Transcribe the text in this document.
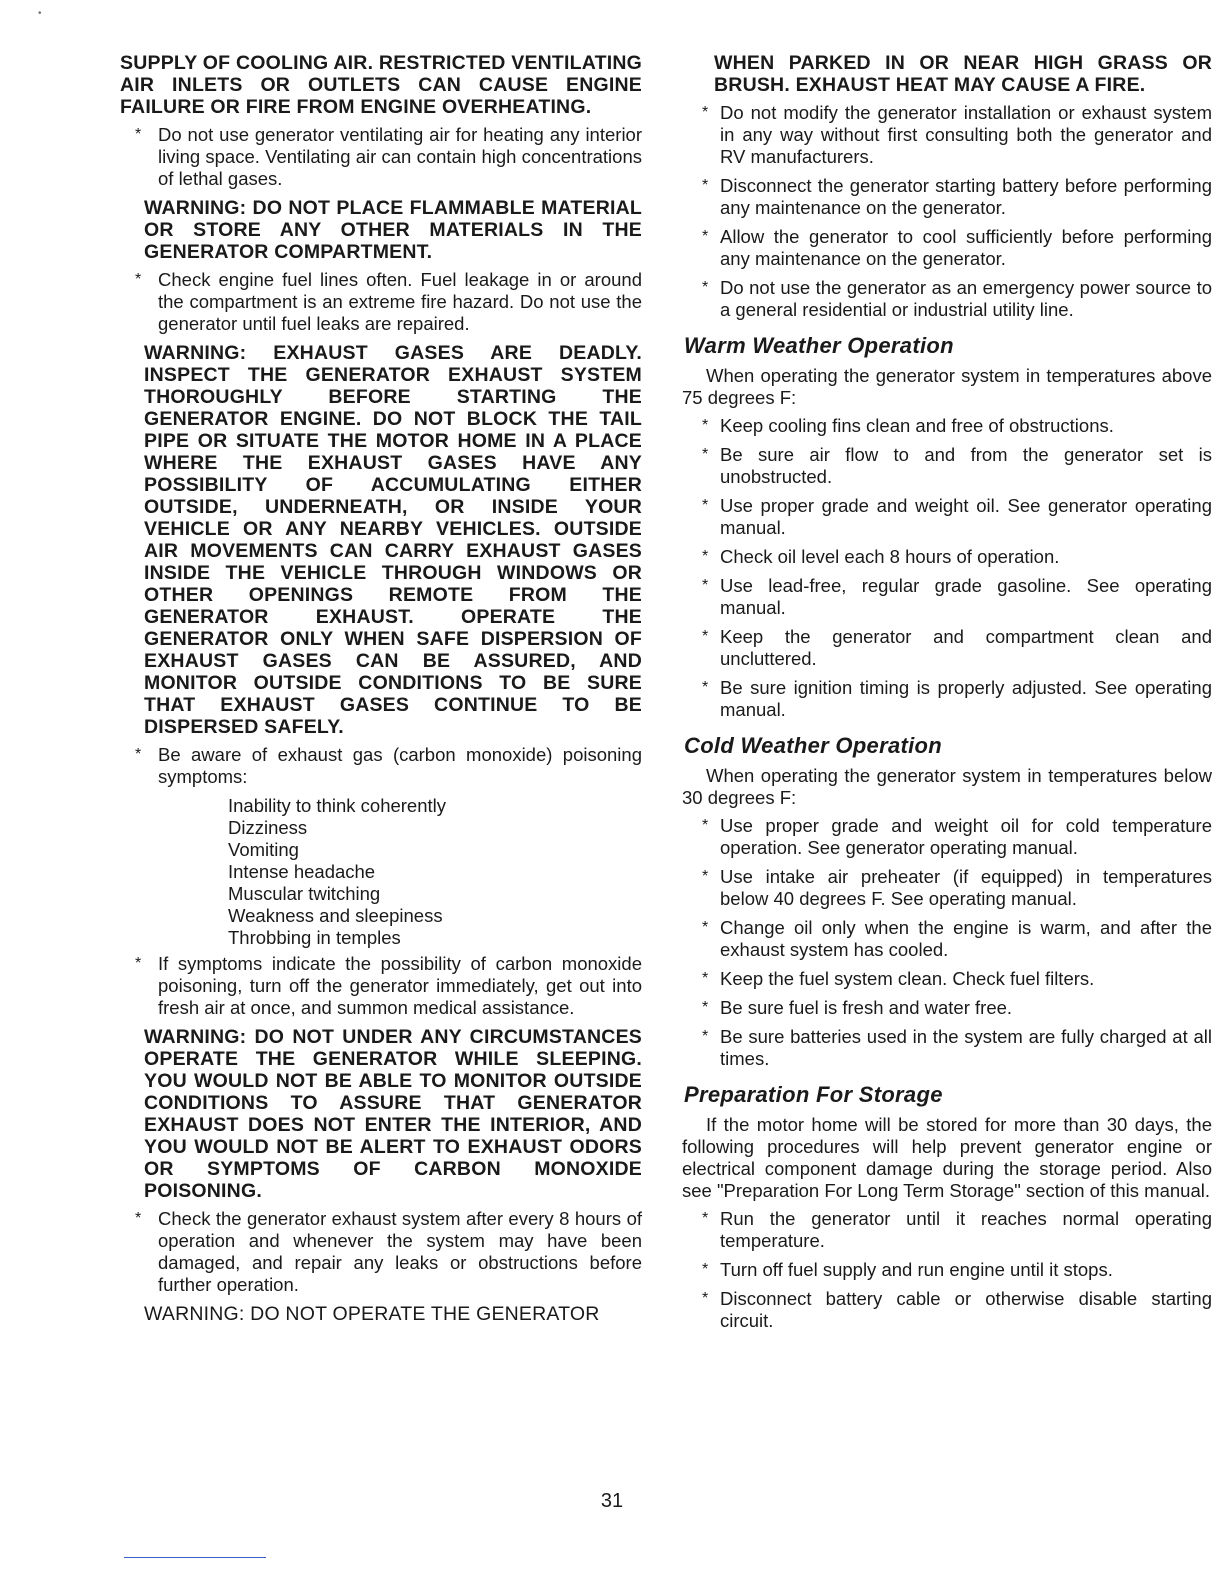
•

SUPPLY OF COOLING AIR. RESTRICTED VENTILATING AIR INLETS OR OUTLETS CAN CAUSE ENGINE FAILURE OR FIRE FROM ENGINE OVERHEATING.

* Do not use generator ventilating air for heating any interior living space. Ventilating air can contain high concentrations of lethal gases.

WARNING: DO NOT PLACE FLAMMABLE MATERIAL OR STORE ANY OTHER MATERIALS IN THE GENERATOR COMPARTMENT.

* Check engine fuel lines often. Fuel leakage in or around the compartment is an extreme fire hazard. Do not use the generator until fuel leaks are repaired.

WARNING: EXHAUST GASES ARE DEADLY. INSPECT THE GENERATOR EXHAUST SYSTEM THOROUGHLY BEFORE STARTING THE GENERATOR ENGINE. DO NOT BLOCK THE TAIL PIPE OR SITUATE THE MOTOR HOME IN A PLACE WHERE THE EXHAUST GASES HAVE ANY POSSIBILITY OF ACCUMULATING EITHER OUTSIDE, UNDERNEATH, OR INSIDE YOUR VEHICLE OR ANY NEARBY VEHICLES. OUTSIDE AIR MOVEMENTS CAN CARRY EXHAUST GASES INSIDE THE VEHICLE THROUGH WINDOWS OR OTHER OPENINGS REMOTE FROM THE GENERATOR EXHAUST. OPERATE THE GENERATOR ONLY WHEN SAFE DISPERSION OF EXHAUST GASES CAN BE ASSURED, AND MONITOR OUTSIDE CONDITIONS TO BE SURE THAT EXHAUST GASES CONTINUE TO BE DISPERSED SAFELY.

* Be aware of exhaust gas (carbon monoxide) poisoning symptoms:
Inability to think coherently
Dizziness
Vomiting
Intense headache
Muscular twitching
Weakness and sleepiness
Throbbing in temples
* If symptoms indicate the possibility of carbon monoxide poisoning, turn off the generator immediately, get out into fresh air at once, and summon medical assistance.

WARNING: DO NOT UNDER ANY CIRCUMSTANCES OPERATE THE GENERATOR WHILE SLEEPING. YOU WOULD NOT BE ABLE TO MONITOR OUTSIDE CONDITIONS TO ASSURE THAT GENERATOR EXHAUST DOES NOT ENTER THE INTERIOR, AND YOU WOULD NOT BE ALERT TO EXHAUST ODORS OR SYMPTOMS OF CARBON MONOXIDE POISONING.

* Check the generator exhaust system after every 8 hours of operation and whenever the system may have been damaged, and repair any leaks or obstructions before further operation.

WARNING: DO NOT OPERATE THE GENERATOR

WHEN PARKED IN OR NEAR HIGH GRASS OR BRUSH. EXHAUST HEAT MAY CAUSE A FIRE.

* Do not modify the generator installation or exhaust system in any way without first consulting both the generator and RV manufacturers.
* Disconnect the generator starting battery before performing any maintenance on the generator.
* Allow the generator to cool sufficiently before performing any maintenance on the generator.
* Do not use the generator as an emergency power source to a general residential or industrial utility line.
Warm Weather Operation

When operating the generator system in temperatures above 75 degrees F:

* Keep cooling fins clean and free of obstructions.
* Be sure air flow to and from the generator set is unobstructed.
* Use proper grade and weight oil. See generator operating manual.
* Check oil level each 8 hours of operation.
* Use lead-free, regular grade gasoline. See operating manual.
* Keep the generator and compartment clean and uncluttered.
* Be sure ignition timing is properly adjusted. See operating manual.
Cold Weather Operation

When operating the generator system in temperatures below 30 degrees F:

* Use proper grade and weight oil for cold temperature operation. See generator operating manual.
* Use intake air preheater (if equipped) in temperatures below 40 degrees F. See operating manual.
* Change oil only when the engine is warm, and after the exhaust system has cooled.
* Keep the fuel system clean. Check fuel filters.
* Be sure fuel is fresh and water free.
* Be sure batteries used in the system are fully charged at all times.
Preparation For Storage

If the motor home will be stored for more than 30 days, the following procedures will help prevent generator engine or electrical component damage during the storage period. Also see "Preparation For Long Term Storage" section of this manual.

* Run the generator until it reaches normal operating temperature.
* Turn off fuel supply and run engine until it stops.
* Disconnect battery cable or otherwise disable starting circuit.
31
